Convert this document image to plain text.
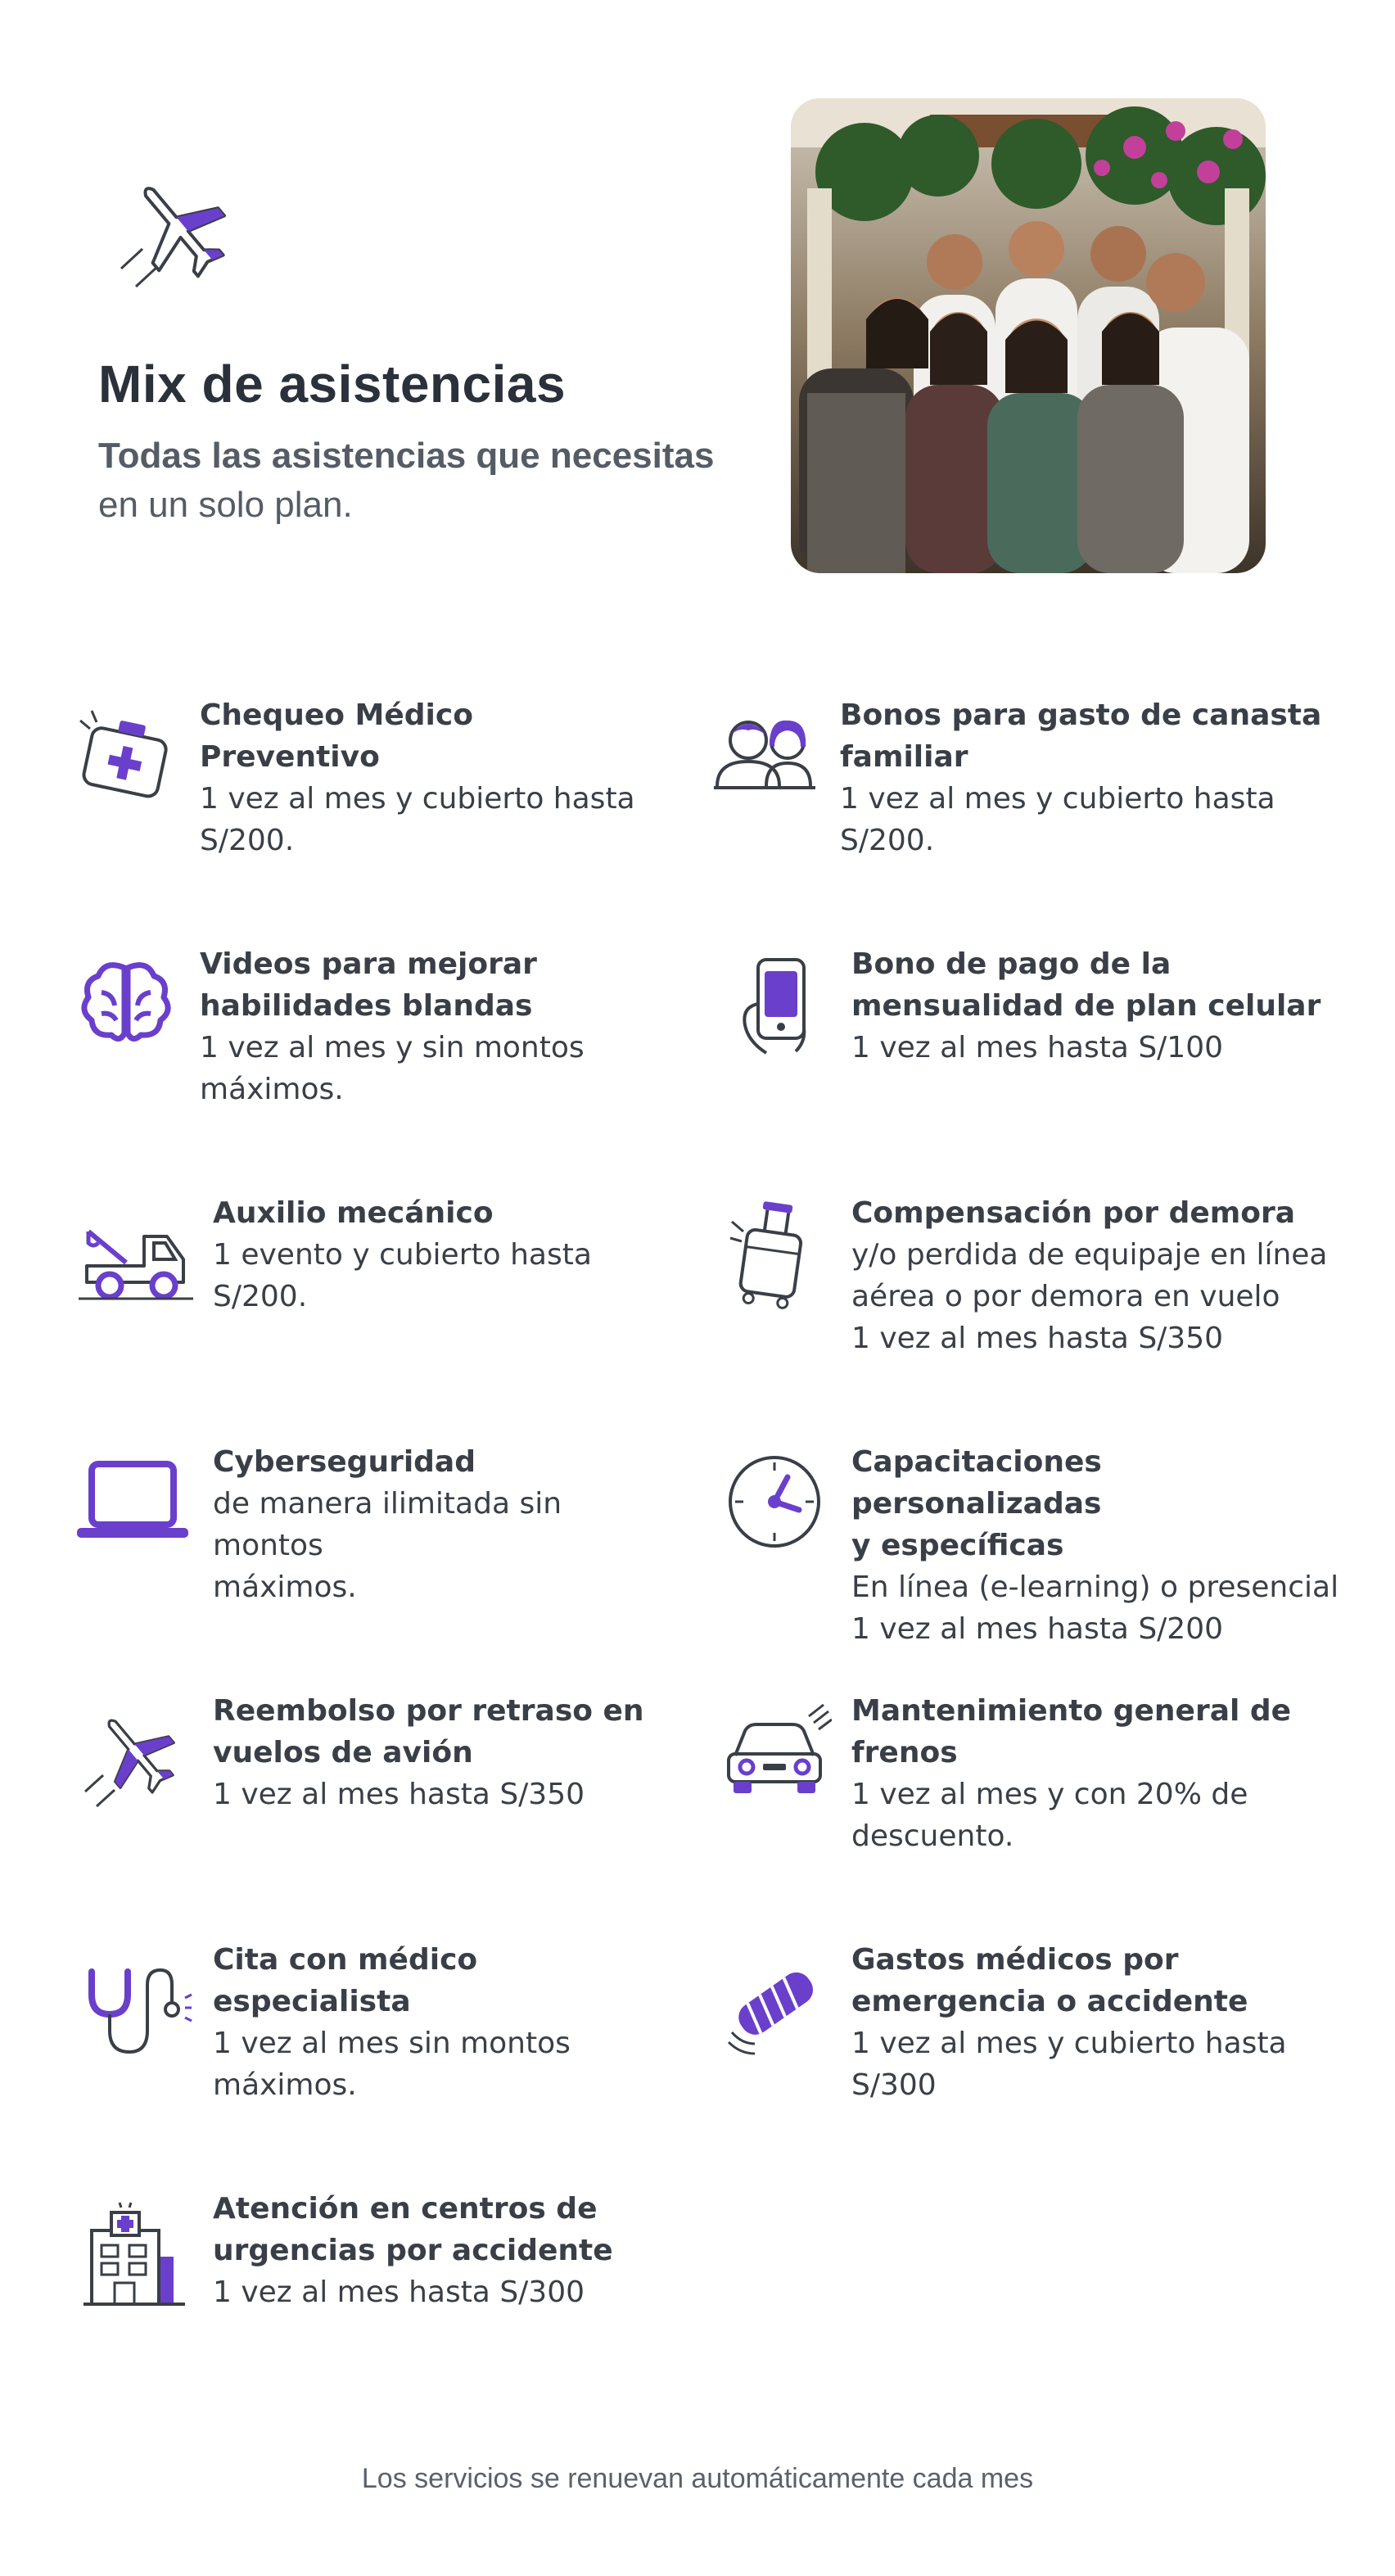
Mix de asistencias

Todas las asistencias que necesitas

en un solo plan.

Chequeo Médico Preventivo
1 vez al mes y cubierto hasta
S/200.
Bonos para gasto de canasta
familiar
1 vez al mes y cubierto hasta
S/200.
Videos para mejorar
habilidades blandas
1 vez al mes y sin montos
máximos.
Bono de pago de la
mensualidad de plan celular
1 vez al mes hasta S/100
Auxilio mecánico
1 evento y cubierto hasta
S/200.
Compensación por demora
y/o perdida de equipaje en línea
aérea o por demora en vuelo
1 vez al mes hasta S/350
Cyberseguridad
de manera ilimitada sin montos
máximos.
Capacitaciones personalizadas
y específicas
En línea (e-learning) o presencial
1 vez al mes hasta S/200
Reembolso por retraso en
vuelos de avión
1 vez al mes hasta S/350
Mantenimiento general de
frenos
1 vez al mes y con 20% de
descuento.
Cita con médico especialista
1 vez al mes sin montos
máximos.
Gastos médicos por
emergencia o accidente
1 vez al mes y cubierto hasta
S/300
Atención en centros de
urgencias por accidente
1 vez al mes hasta S/300
Los servicios se renuevan automáticamente cada mes
